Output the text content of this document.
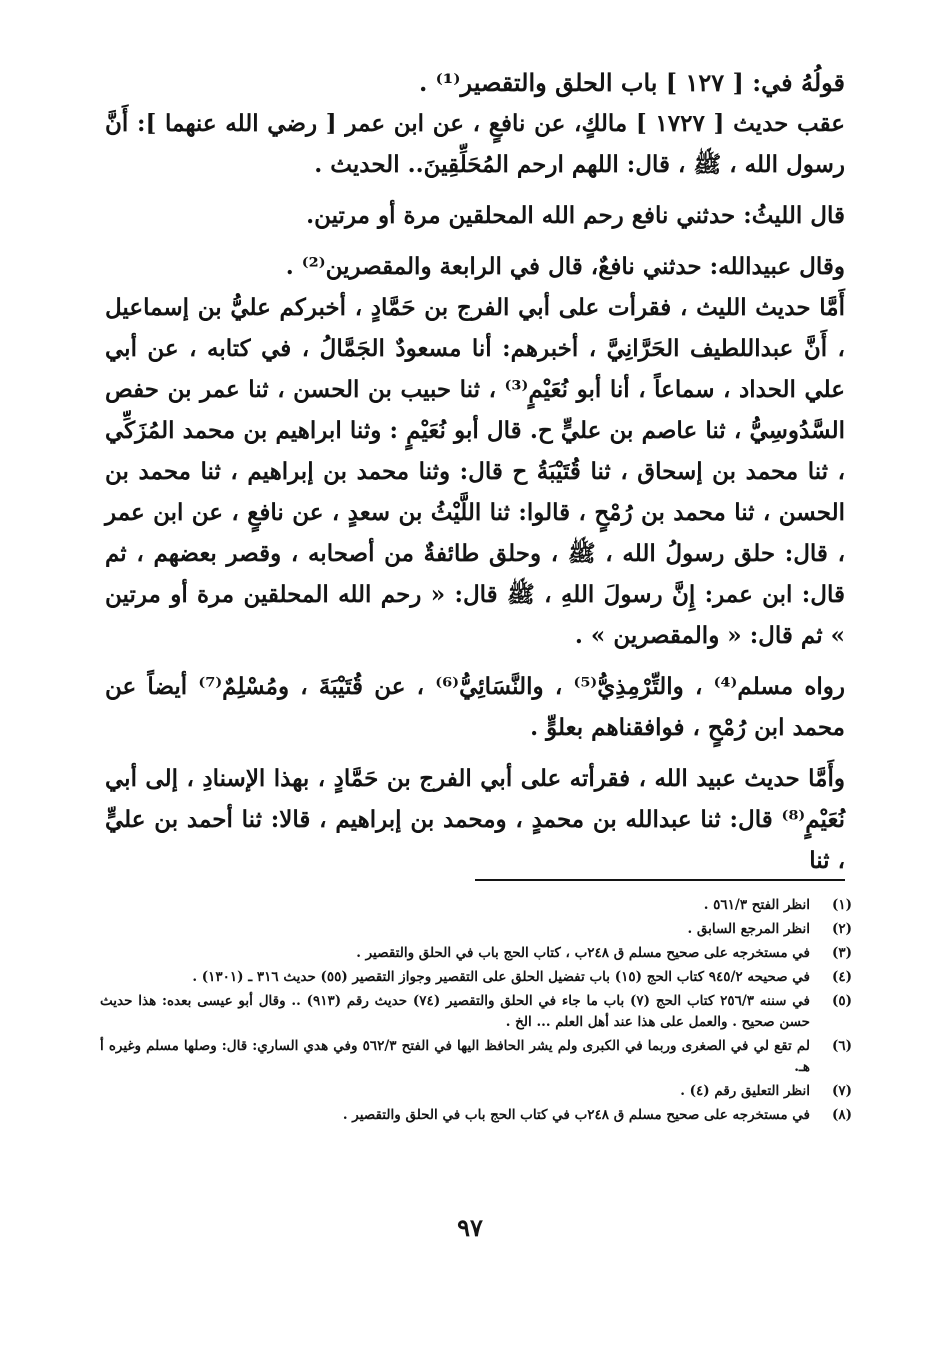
قولُهُ في: [ ١٢٧ ] باب الحلق والتقصير⁽¹⁾ .

عقب حديث [ ١٧٢٧ ] مالكٍ، عن نافعٍ ، عن ابن عمر [ رضي الله عنهما ]: أَنَّ رسول الله ، ﷺ ، قال: اللهم ارحم المُحَلِّقِينَ.. الحديث .

قال الليثُ: حدثني نافع رحم الله المحلقين مرة أو مرتين.

وقال عبيدالله: حدثني نافعٌ، قال في الرابعة والمقصرين⁽²⁾ .

أَمَّا حديث الليث ، فقرأت على أبي الفرج بن حَمَّادٍ ، أخبركم عليُّ بن إسماعيل ، أَنَّ عبداللطيف الحَرَّانِيَّ ، أخبرهم: أنا مسعودٌ الجَمَّالُ ، في كتابه ، عن أبي علي الحداد ، سماعاً ، أنا أبو نُعَيْمٍ⁽³⁾ ، ثنا حبيب بن الحسن ، ثنا عمر بن حفص السَّدُوسِيُّ ، ثنا عاصم بن عليٍّ ح. قال أبو نُعَيْمٍ : وثنا ابراهيم بن محمد المُزَكِّي ، ثنا محمد بن إسحاق ، ثنا قُتَيْبَةُ ح قال: وثنا محمد بن إبراهيم ، ثنا محمد بن الحسن ، ثنا محمد بن رُمْحٍ ، قالوا: ثنا اللَّيْثُ بن سعدٍ ، عن نافعٍ ، عن ابن عمر ، قال: حلق رسولُ الله ، ﷺ ، وحلق طائفةٌ من أصحابه ، وقصر بعضهم ، ثم قال: ابن عمر: إِنَّ رسولَ اللهِ ، ﷺ قال: « رحم الله المحلقين مرة أو مرتين » ثم قال: « والمقصرين » .

رواه مسلم⁽⁴⁾ ، والتِّرْمِذِيُّ⁽⁵⁾ ، والنَّسَائِيُّ⁽⁶⁾ ، عن قُتَيْبَةَ ، ومُسْلِمٌ⁽⁷⁾ أيضاً عن محمد ابن رُمْحٍ ، فوافقناهم بعلوٍّ .

وأَمَّا حديث عبيد الله ، فقرأته على أبي الفرج بن حَمَّادٍ ، بهذا الإسنادِ ، إلى أبي نُعَيْمٍ⁽⁸⁾ قال: ثنا عبدالله بن محمدٍ ، ومحمد بن إبراهيم ، قالا: ثنا أحمد بن عليٍّ ، ثنا

(١)
انظر الفتح ٥٦١/٣ .
(٢)
انظر المرجع السابق .
(٣)
في مستخرجه على صحيح مسلم ق ٢٤٨ب ، كتاب الحج باب في الحلق والتقصير .
(٤)
في صحيحه ٩٤٥/٢ كتاب الحج (١٥) باب تفضيل الحلق على التقصير وجواز التقصير (٥٥) حديث ٣١٦ ـ (١٣٠١) .
(٥)
في سننه ٢٥٦/٣ كتاب الحج (٧) باب ما جاء في الحلق والتقصير (٧٤) حديث رقم (٩١٣) .. وقال أبو عيسى بعده: هذا حديث حسن صحيح . والعمل على هذا عند أهل العلم ... الخ .
(٦)
لم تقع لي في الصغرى وربما في الكبرى ولم يشر الحافظ اليها في الفتح ٥٦٢/٣ وفي هدي الساري: قال: وصلها مسلم وغيره أ هـ.
(٧)
انظر التعليق رقم (٤) .
(٨)
في مستخرجه على صحيح مسلم ق ٢٤٨ب في كتاب الحج باب في الحلق والتقصير .
٩٧
